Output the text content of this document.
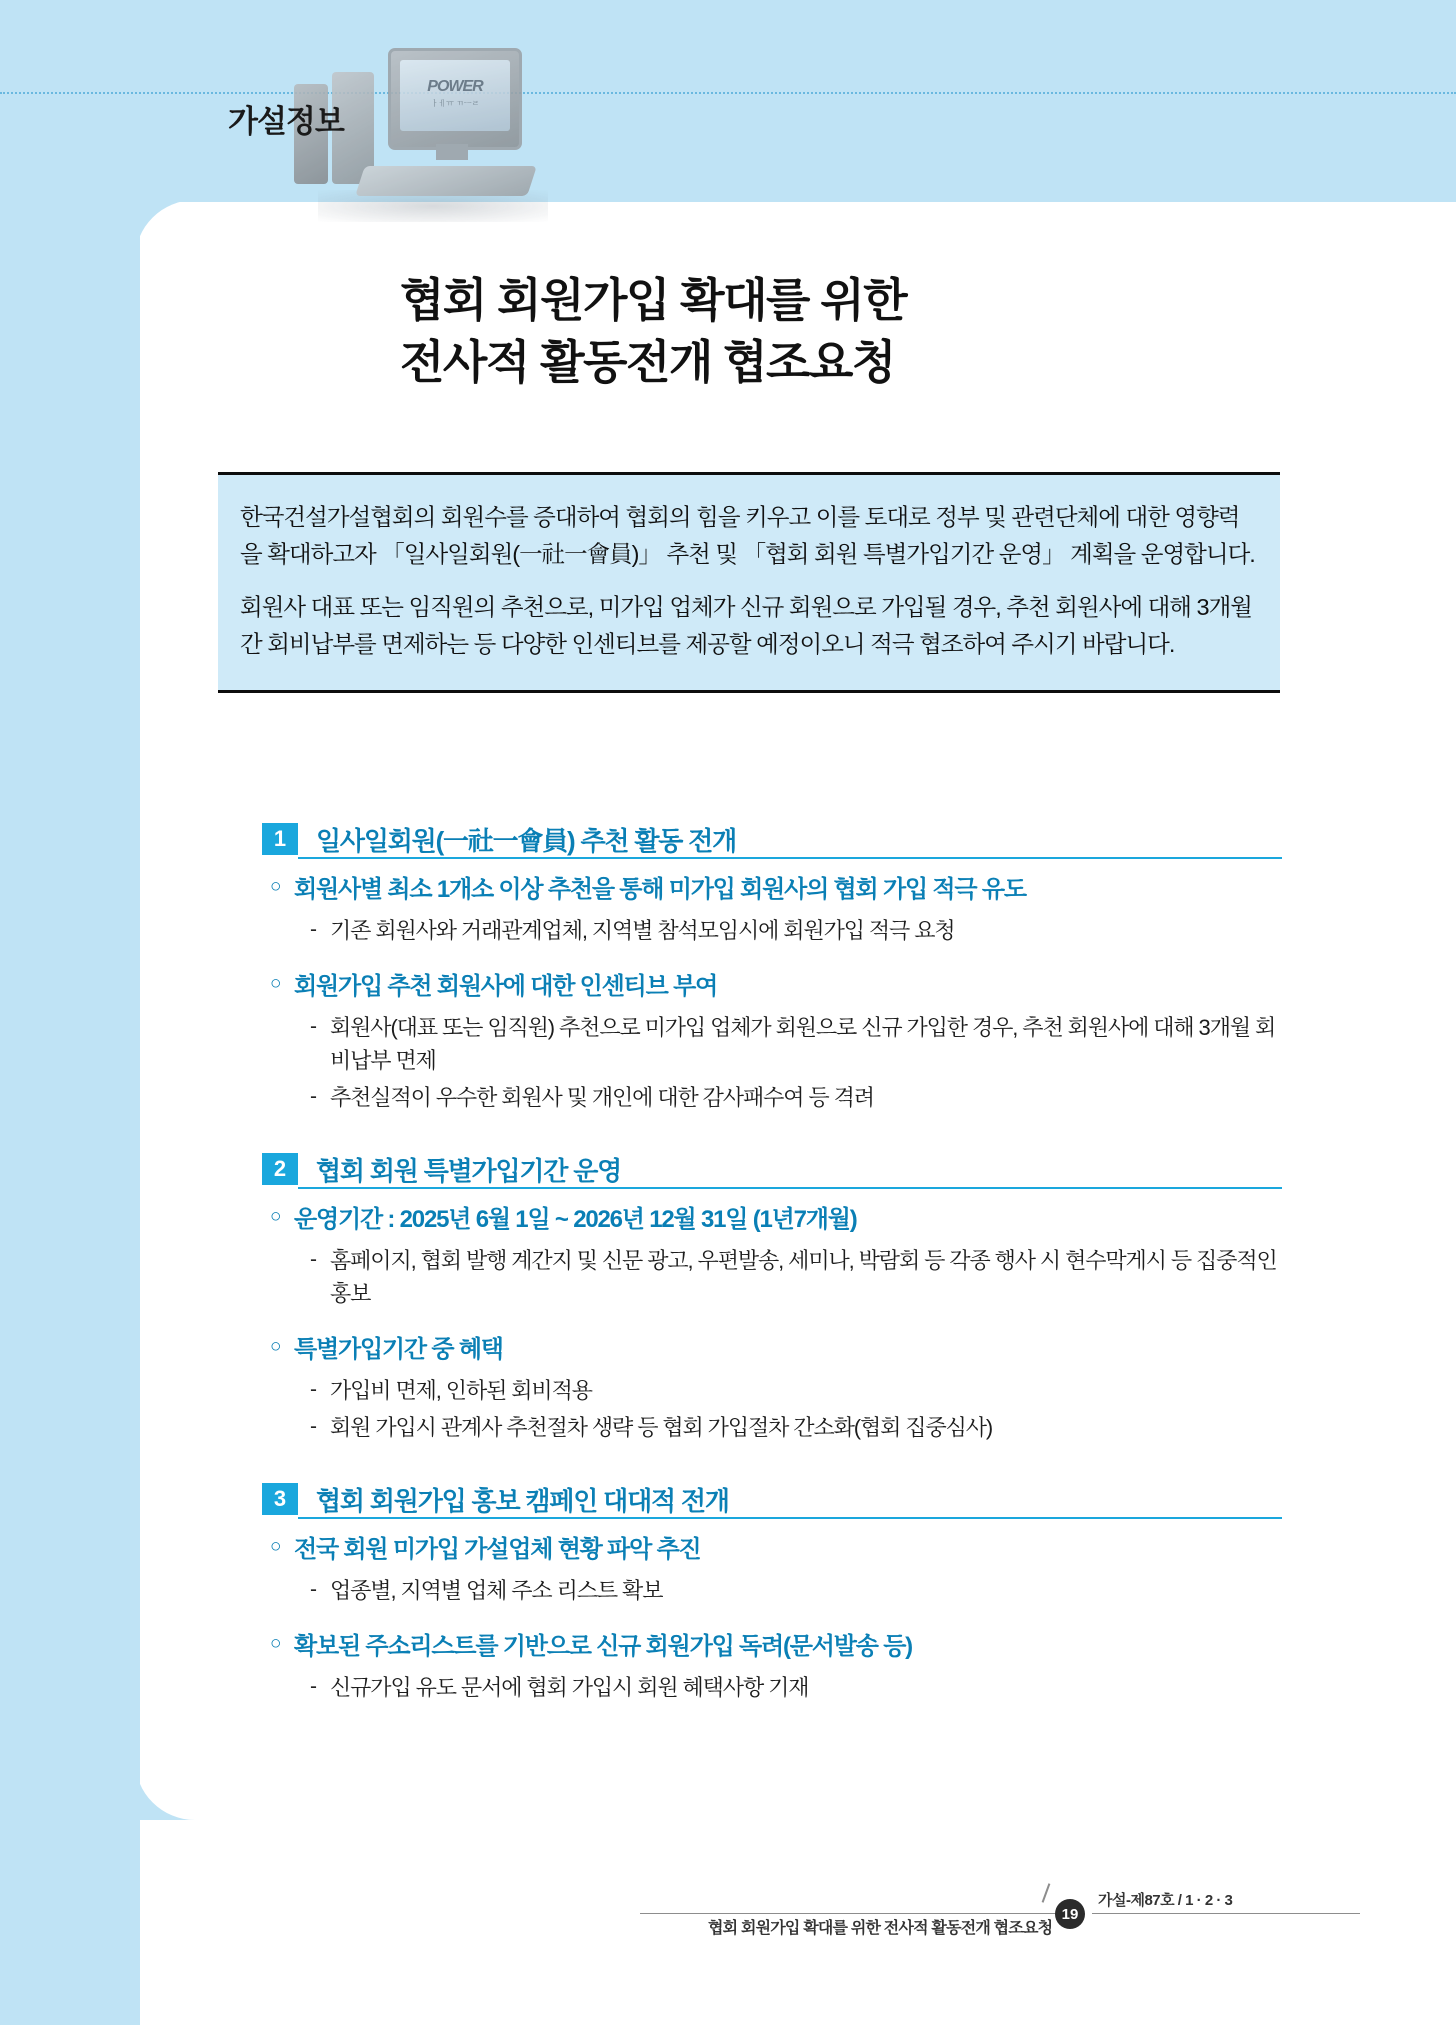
POWER
ㅏㅔㅠ ㄲㅡㄹ
가설정보
협회 회원가입 확대를 위한
전사적 활동전개 협조요청

한국건설가설협회의 회원수를 증대하여 협회의 힘을 키우고 이를 토대로 정부 및 관련단체에 대한 영향력을 확대하고자 「일사일회원(一社一會員)」 추천 및 「협회 회원 특별가입기간 운영」 계획을 운영합니다.

회원사 대표 또는 임직원의 추천으로, 미가입 업체가 신규 회원으로 가입될 경우, 추천 회원사에 대해 3개월간 회비납부를 면제하는 등 다양한 인센티브를 제공할 예정이오니 적극 협조하여 주시기 바랍니다.

1	일사일회원(一社一會員) 추천 활동 전개
○ 회원사별 최소 1개소 이상 추천을 통해 미가입 회원사의 협회 가입 적극 유도
- 기존 회원사와 거래관계업체, 지역별 참석모임시에 회원가입 적극 요청
○ 회원가입 추천 회원사에 대한 인센티브 부여
- 회원사(대표 또는 임직원) 추천으로 미가입 업체가 회원으로 신규 가입한 경우, 추천 회원사에 대해 3개월 회비납부 면제
- 추천실적이 우수한 회원사 및 개인에 대한 감사패수여 등 격려
2	협회 회원 특별가입기간 운영
○ 운영기간 : 2025년 6월 1일 ~ 2026년 12월 31일 (1년7개월)
- 홈페이지, 협회 발행 계간지 및 신문 광고, 우편발송, 세미나, 박람회 등 각종 행사 시 현수막게시 등 집중적인 홍보
○ 특별가입기간 중 혜택
- 가입비 면제, 인하된 회비적용
- 회원 가입시 관계사 추천절차 생략 등 협회 가입절차 간소화(협회 집중심사)
3	협회 회원가입 홍보 캠페인 대대적 전개
○ 전국 회원 미가입 가설업체 현황 파악 추진
- 업종별, 지역별 업체 주소 리스트 확보
○ 확보된 주소리스트를 기반으로 신규 회원가입 독려(문서발송 등)
- 신규가입 유도 문서에 협회 가입시 회원 혜택사항 기재
협회 회원가입 확대를 위한 전사적 활동전개 협조요청
19
가설-제87호 / 1 · 2 · 3
